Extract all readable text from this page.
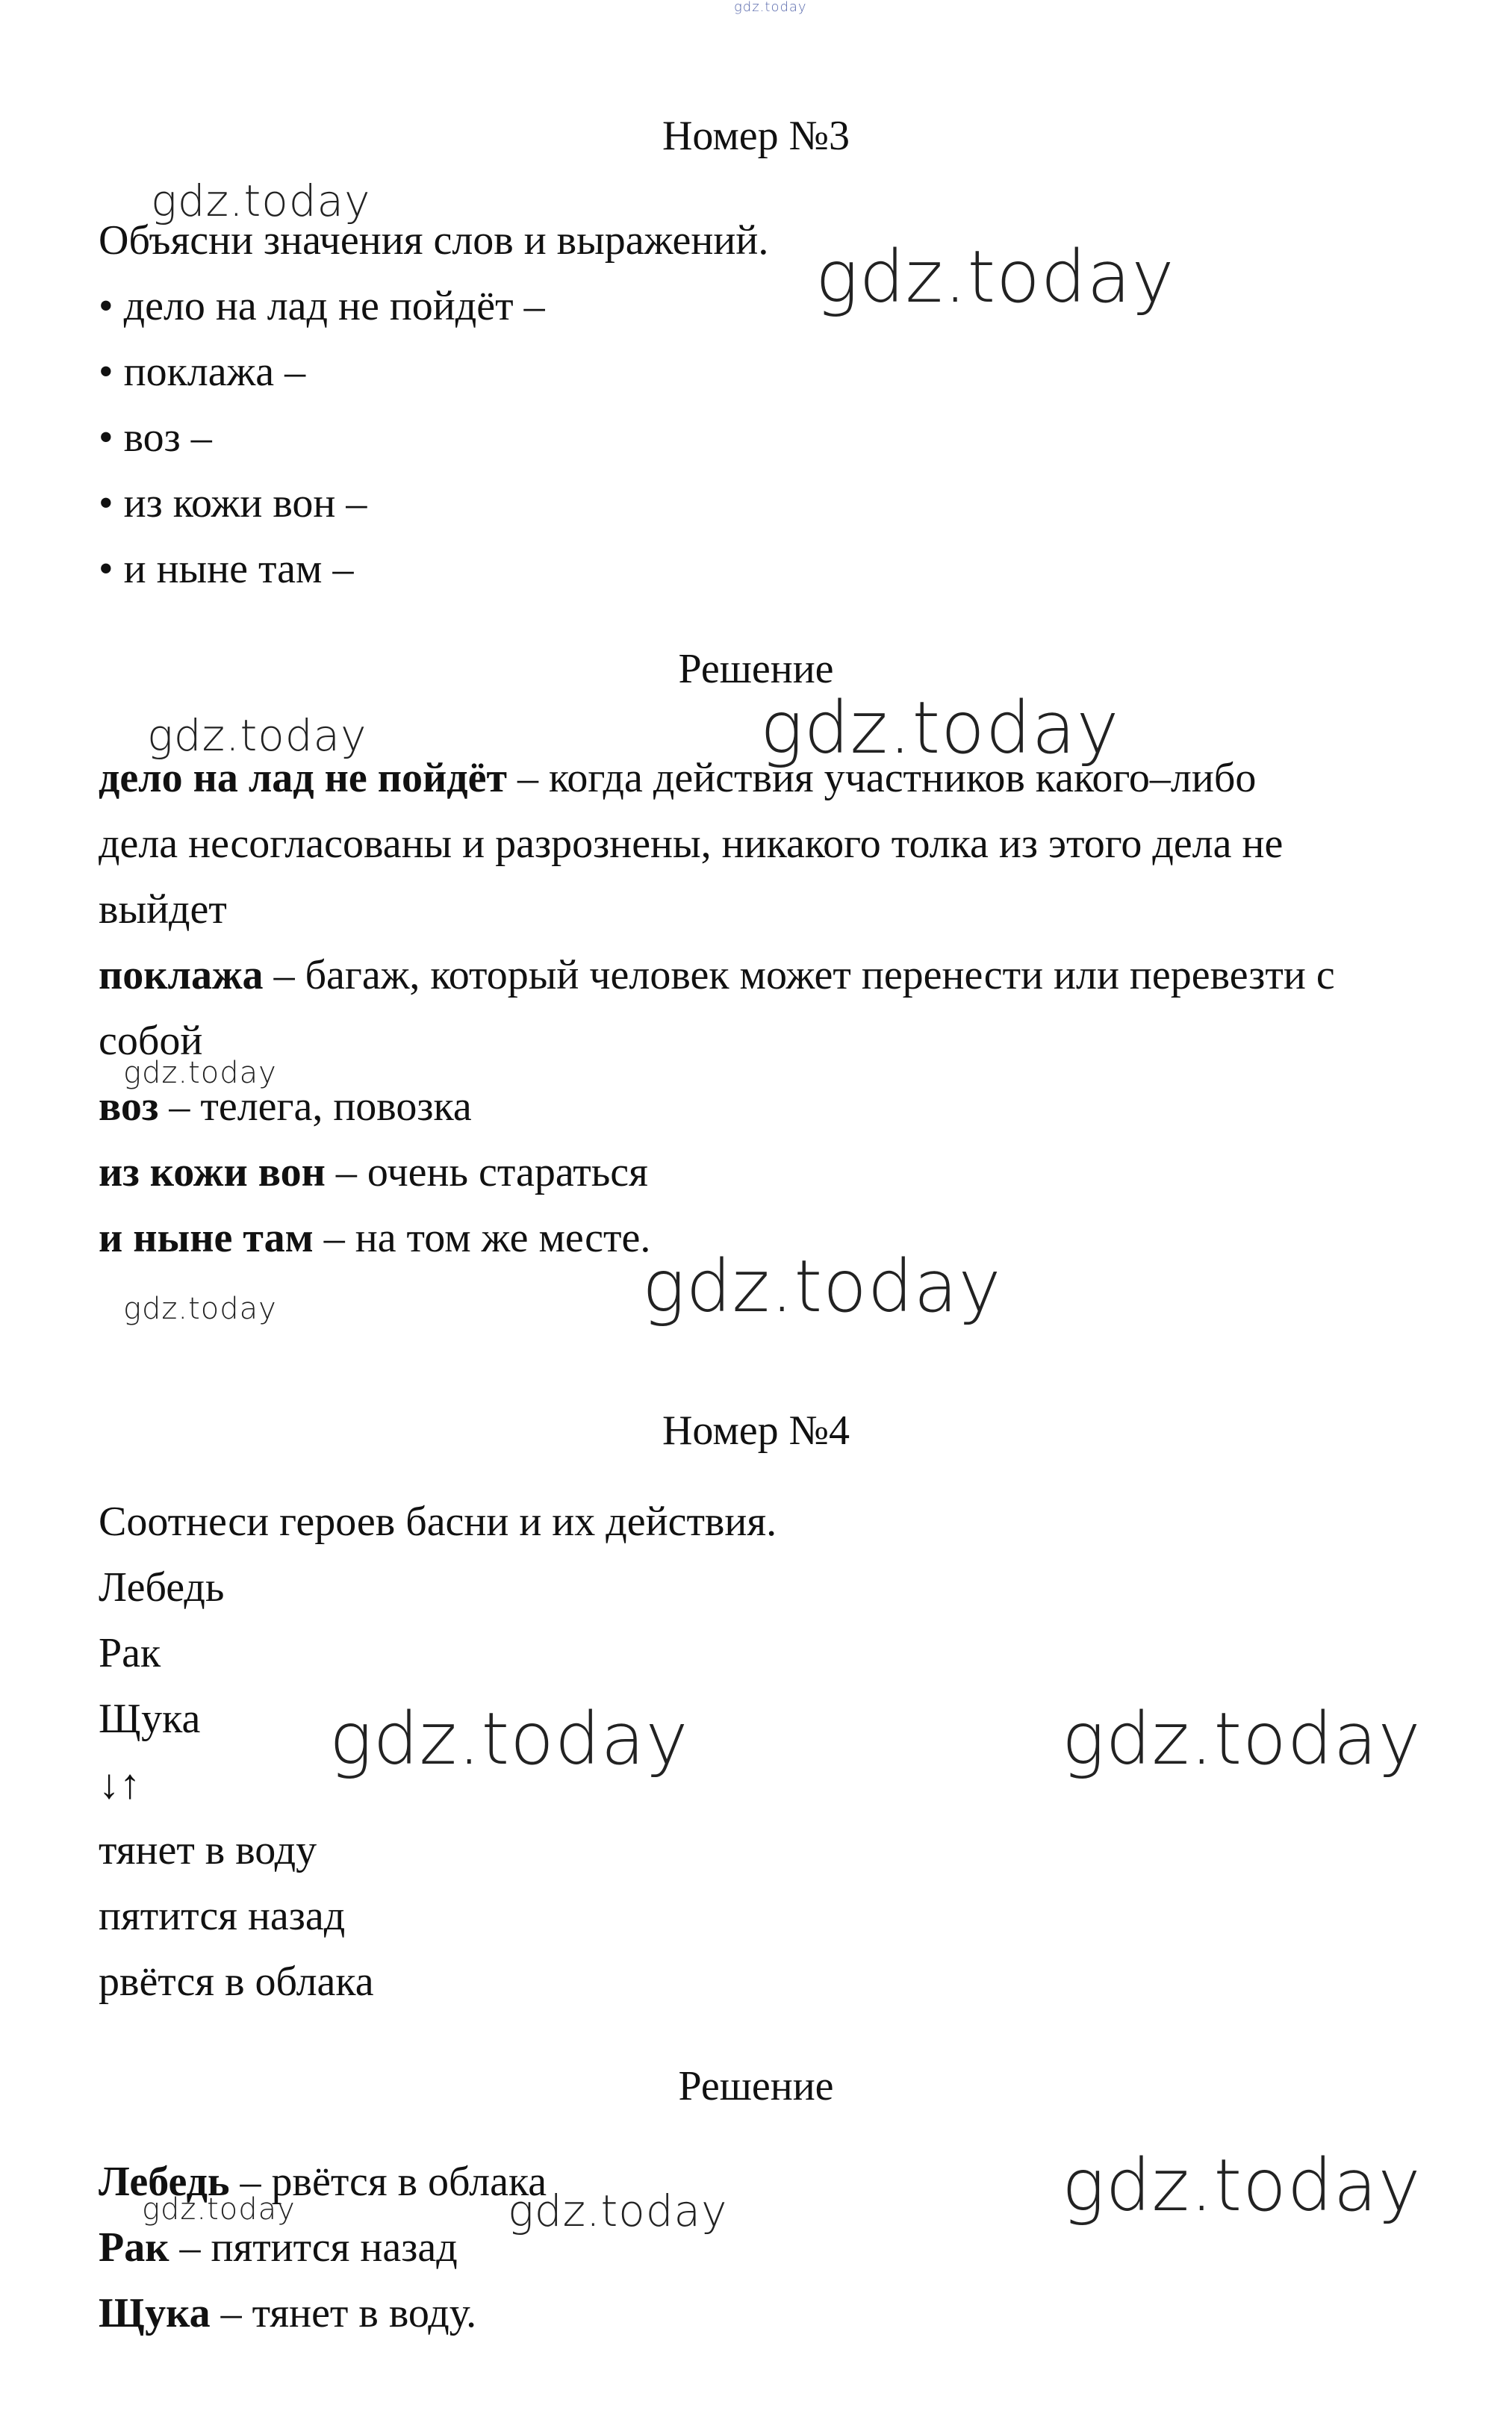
gdz.today
Номер №3
Объясни значения слов и выражений.
• дело на лад не пойдёт –
• поклажа –
• воз –
• из кожи вон –
• и ныне там –
Решение
дело на лад не пойдёт – когда действия участников какого–либо
дела несогласованы и разрознены, никакого толка из этого дела не
выйдет
поклажа – багаж, который человек может перенести или перевезти с
собой
воз – телега, повозка
из кожи вон – очень стараться
и ныне там – на том же месте.
Номер №4
Соотнеси героев басни и их действия.
Лебедь
Рак
Щука
↓↑
тянет в воду
пятится назад
рвётся в облака
Решение
Лебедь – рвётся в облака
Рак – пятится назад
Щука – тянет в воду.
gdz.today
gdz.today
gdz.today	gdz.today
gdz.today
gdz.today
gdz.today
gdz.today	gdz.today
gdz.today
gdz.today	gdz.today
